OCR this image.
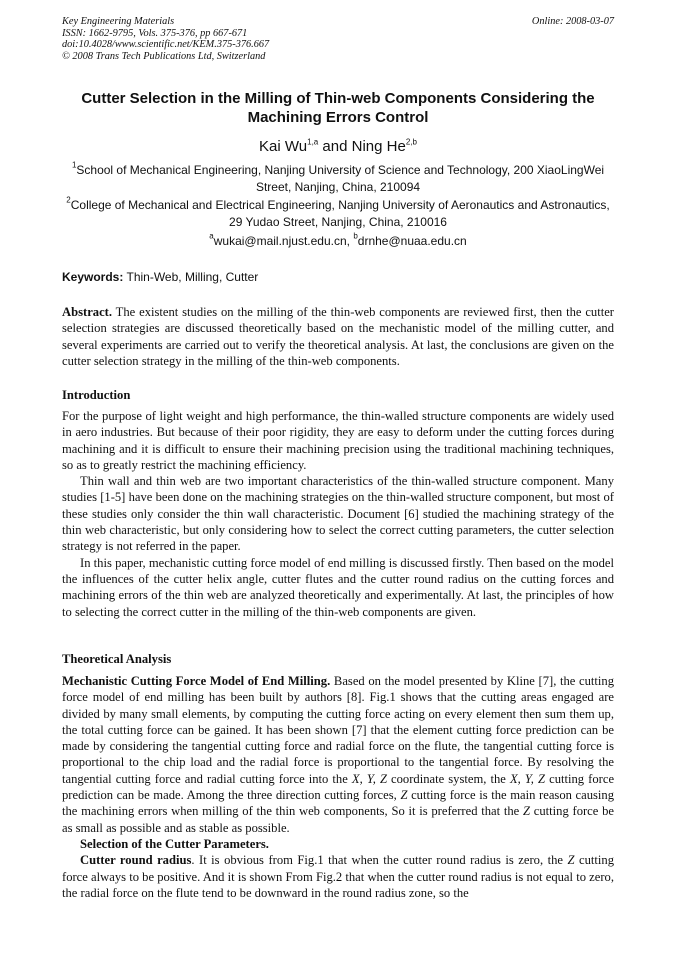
Key Engineering Materials
ISSN: 1662-9795, Vols. 375-376, pp 667-671
doi:10.4028/www.scientific.net/KEM.375-376.667
© 2008 Trans Tech Publications Ltd, Switzerland
Online: 2008-03-07
Cutter Selection in the Milling of Thin-web Components Considering the Machining Errors Control
Kai Wu$^{1,a}$ and Ning He$^{2,b}$
$^1$School of Mechanical Engineering, Nanjing University of Science and Technology, 200 XiaoLingWei Street, Nanjing, China, 210094
$^2$College of Mechanical and Electrical Engineering, Nanjing University of Aeronautics and Astronautics, 29 Yudao Street, Nanjing, China, 210016
$^a$wukai@mail.njust.edu.cn, $^b$drnhe@nuaa.edu.cn
Keywords: Thin-Web, Milling, Cutter
Abstract. The existent studies on the milling of the thin-web components are reviewed first, then the cutter selection strategies are discussed theoretically based on the mechanistic model of the milling cutter, and several experiments are carried out to verify the theoretical analysis. At last, the conclusions are given on the cutter selection strategy in the milling of the thin-web components.
Introduction

For the purpose of light weight and high performance, the thin-walled structure components are widely used in aero industries. But because of their poor rigidity, they are easy to deform under the cutting forces during machining and it is difficult to ensure their machining precision using the traditional machining techniques, so as to greatly restrict the machining efficiency.

Thin wall and thin web are two important characteristics of the thin-walled structure component. Many studies [1-5] have been done on the machining strategies on the thin-walled structure component, but most of these studies only consider the thin wall characteristic. Document [6] studied the machining strategy of the thin web characteristic, but only considering how to select the correct cutting parameters, the cutter selection strategy is not referred in the paper.

In this paper, mechanistic cutting force model of end milling is discussed firstly. Then based on the model the influences of the cutter helix angle, cutter flutes and the cutter round radius on the cutting forces and machining errors of the thin web are analyzed theoretically and experimentally. At last, the principles of how to selecting the correct cutter in the milling of the thin-web components are given.

Theoretical Analysis

Mechanistic Cutting Force Model of End Milling. Based on the model presented by Kline [7], the cutting force model of end milling has been built by authors [8]. Fig.1 shows that the cutting areas engaged are divided by many small elements, by computing the cutting force acting on every element then sum them up, the total cutting force can be gained. It has been shown [7] that the element cutting force prediction can be made by considering the tangential cutting force and radial force on the flute, the tangential cutting force is proportional to the chip load and the radial force is proportional to the tangential force. By resolving the tangential cutting force and radial cutting force into the X, Y, Z coordinate system, the X, Y, Z cutting force prediction can be made. Among the three direction cutting forces, Z cutting force is the main reason causing the machining errors when milling of the thin web components, So it is preferred that the Z cutting force be as small as possible and as stable as possible.

Selection of the Cutter Parameters.

Cutter round radius. It is obvious from Fig.1 that when the cutter round radius is zero, the Z cutting force always to be positive. And it is shown From Fig.2 that when the cutter round radius is not equal to zero, the radial force on the flute tend to be downward in the round radius zone, so the
